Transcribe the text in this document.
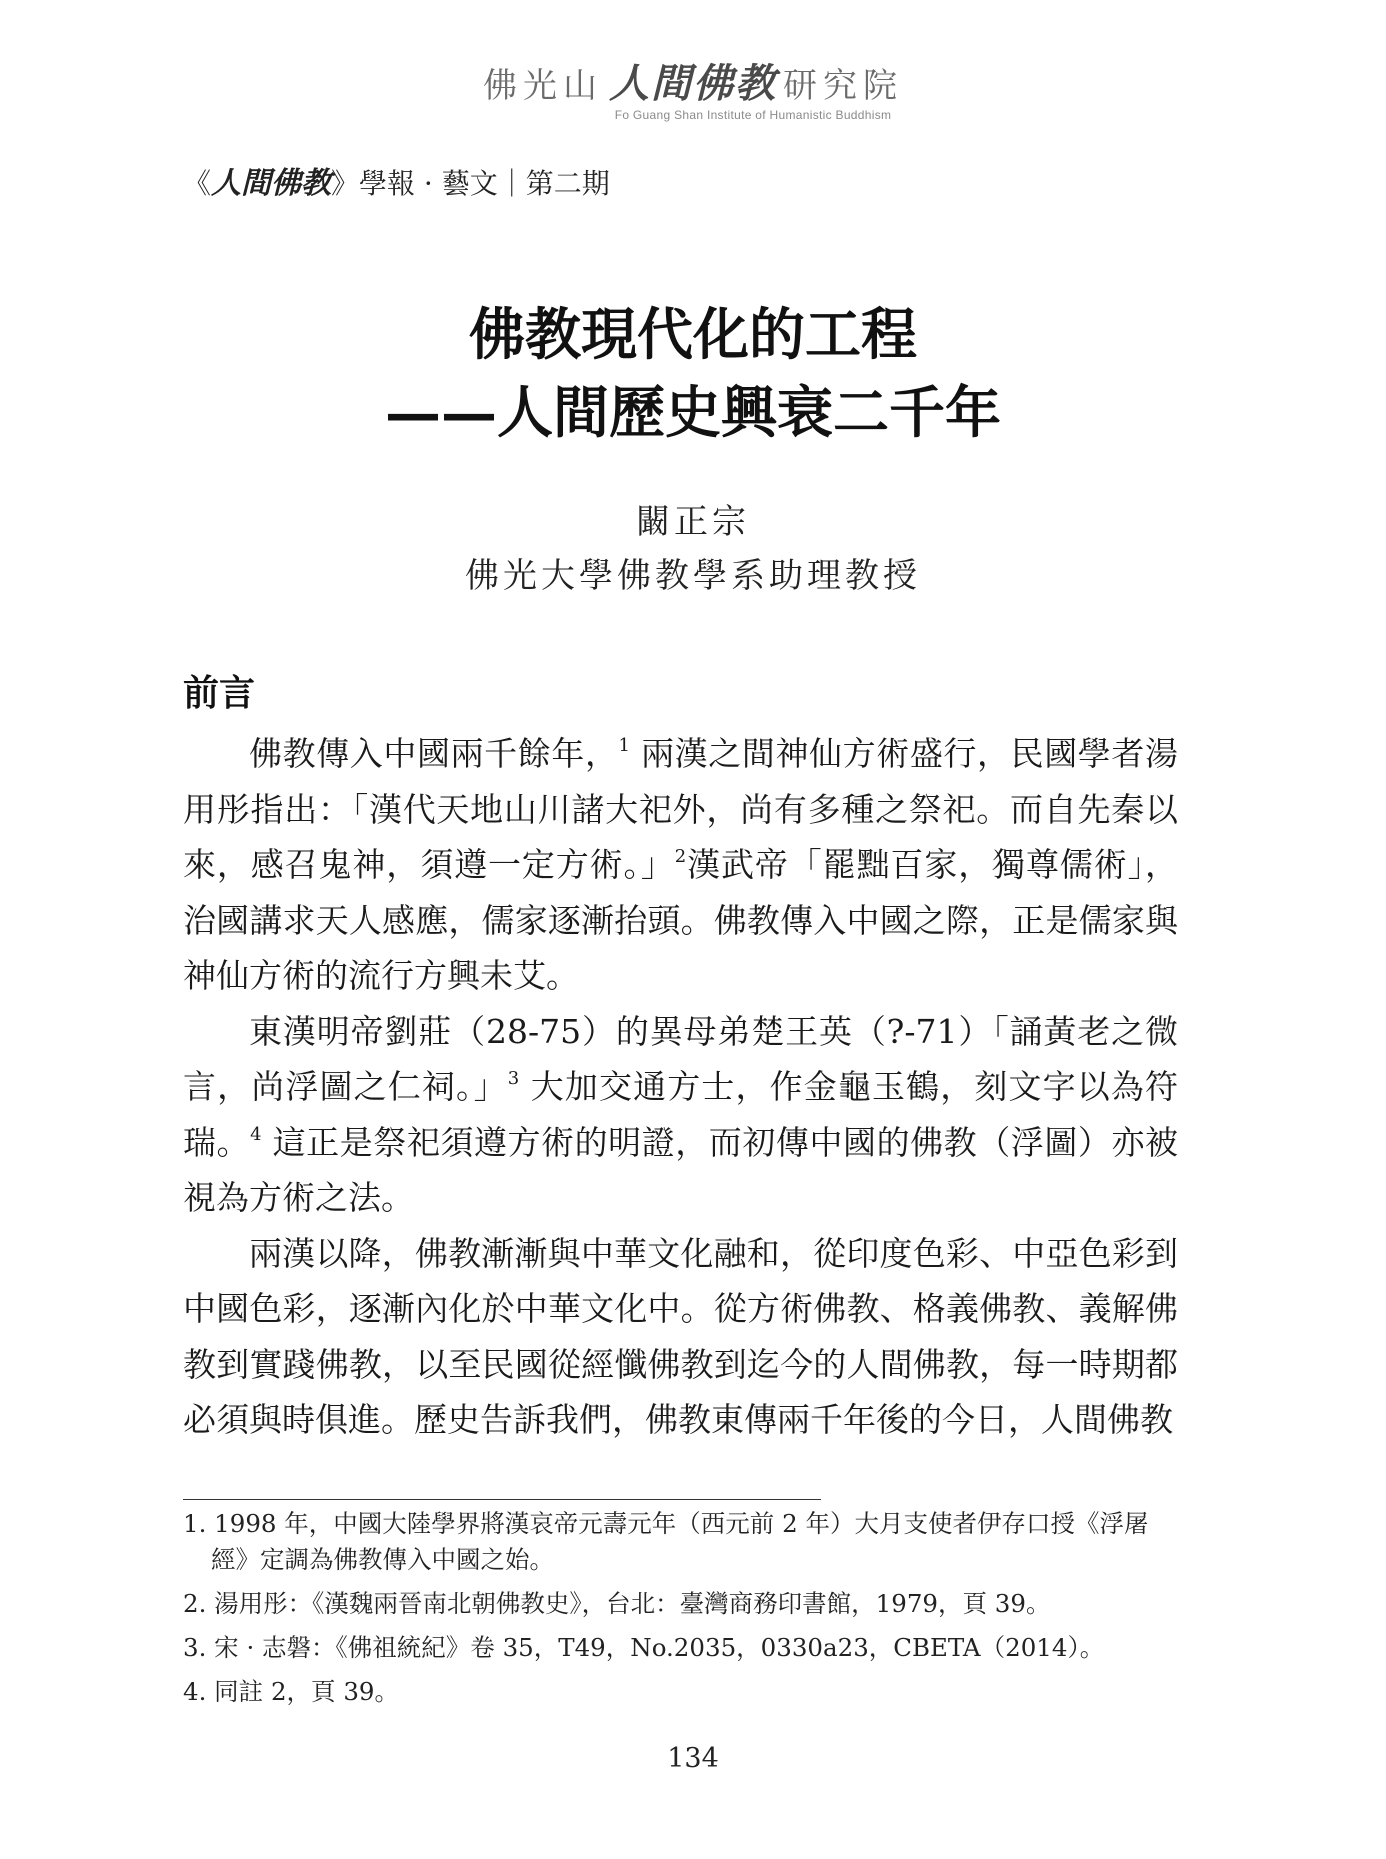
佛光山 人間佛教 研究院
Fo Guang Shan Institute of Humanistic Buddhism
《人間佛教》學報 · 藝文｜第二期
佛教現代化的工程
——人間歷史興衰二千年
闞正宗
佛光大學佛教學系助理教授
前言

佛教傳入中國兩千餘年，$^1$ 兩漢之間神仙方術盛行，民國學者湯用彤指出：「漢代天地山川諸大祀外，尚有多種之祭祀。而自先秦以來，感召鬼神，須遵一定方術。」$^2$漢武帝「罷黜百家，獨尊儒術」，治國講求天人感應，儒家逐漸抬頭。佛教傳入中國之際，正是儒家與神仙方術的流行方興未艾。

東漢明帝劉莊（28-75）的異母弟楚王英（?-71）「誦黃老之微言，尚浮圖之仁祠。」$^3$ 大加交通方士，作金龜玉鶴，刻文字以為符瑞。$^4$ 這正是祭祀須遵方術的明證，而初傳中國的佛教（浮圖）亦被視為方術之法。

兩漢以降，佛教漸漸與中華文化融和，從印度色彩、中亞色彩到中國色彩，逐漸內化於中華文化中。從方術佛教、格義佛教、義解佛教到實踐佛教，以至民國從經懺佛教到迄今的人間佛教，每一時期都必須與時俱進。歷史告訴我們，佛教東傳兩千年後的今日，人間佛教

1. 1998 年，中國大陸學界將漢哀帝元壽元年（西元前 2 年）大月支使者伊存口授《浮屠經》定調為佛教傳入中國之始。
2. 湯用彤：《漢魏兩晉南北朝佛教史》，台北：臺灣商務印書館，1979，頁 39。
3. 宋 · 志磐：《佛祖統紀》卷 35，T49，No.2035，0330a23，CBETA（2014）。
4. 同註 2，頁 39。
134
